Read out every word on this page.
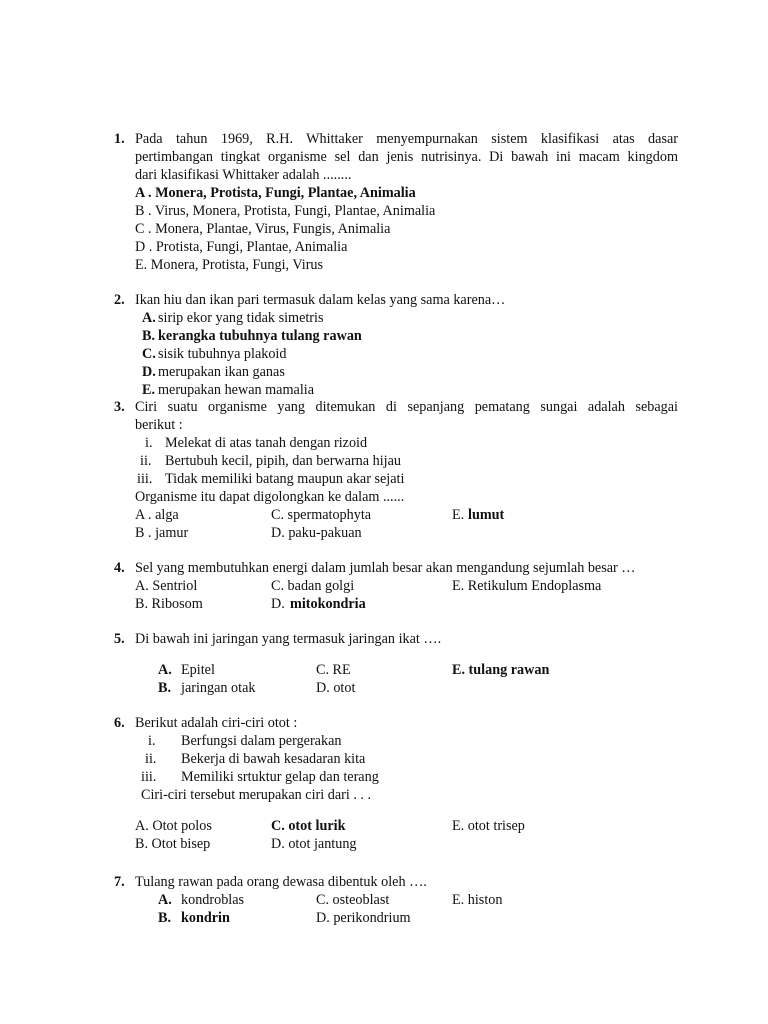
1. Pada tahun 1969, R.H. Whittaker menyempurnakan sistem klasifikasi atas dasar
pertimbangan tingkat organisme sel dan jenis nutrisinya. Di bawah ini macam kingdom
dari klasifikasi Whittaker adalah ........
A . Monera, Protista, Fungi, Plantae, Animalia
B . Virus, Monera, Protista, Fungi, Plantae, Animalia
C . Monera, Plantae, Virus, Fungis, Animalia
D . Protista, Fungi, Plantae, Animalia
E. Monera, Protista, Fungi, Virus
2. Ikan hiu dan ikan pari termasuk dalam kelas yang sama karena…
A. sirip ekor yang tidak simetris
B. kerangka tubuhnya tulang rawan
C. sisik tubuhnya plakoid
D. merupakan ikan ganas
E. merupakan hewan mamalia
3. Ciri suatu organisme yang ditemukan di sepanjang pematang sungai adalah sebagai
berikut :
i. Melekat di atas tanah dengan rizoid
ii. Bertubuh kecil, pipih, dan berwarna hijau
iii. Tidak memiliki batang maupun akar sejati
Organisme itu dapat digolongkan ke dalam ......
A . alga	C. spermatophyta	E. lumut
B . jamur	D. paku-pakuan
4. Sel yang membutuhkan energi dalam jumlah besar akan mengandung sejumlah besar …
A. Sentriol	C. badan golgi	E. Retikulum Endoplasma
B. Ribosom	D. mitokondria
5. Di bawah ini jaringan yang termasuk jaringan ikat ….
A. Epitel	C. RE	E. tulang rawan
B. jaringan otak	D. otot
6. Berikut adalah ciri-ciri otot :
i. Berfungsi dalam pergerakan
ii. Bekerja di bawah kesadaran kita
iii. Memiliki srtuktur gelap dan terang
Ciri-ciri tersebut merupakan ciri dari . . .
A. Otot polos	C. otot lurik	E. otot trisep
B. Otot bisep	D. otot jantung
7. Tulang rawan pada orang dewasa dibentuk oleh ….
A. kondroblas	C. osteoblast	E. histon
B. kondrin	D. perikondrium
